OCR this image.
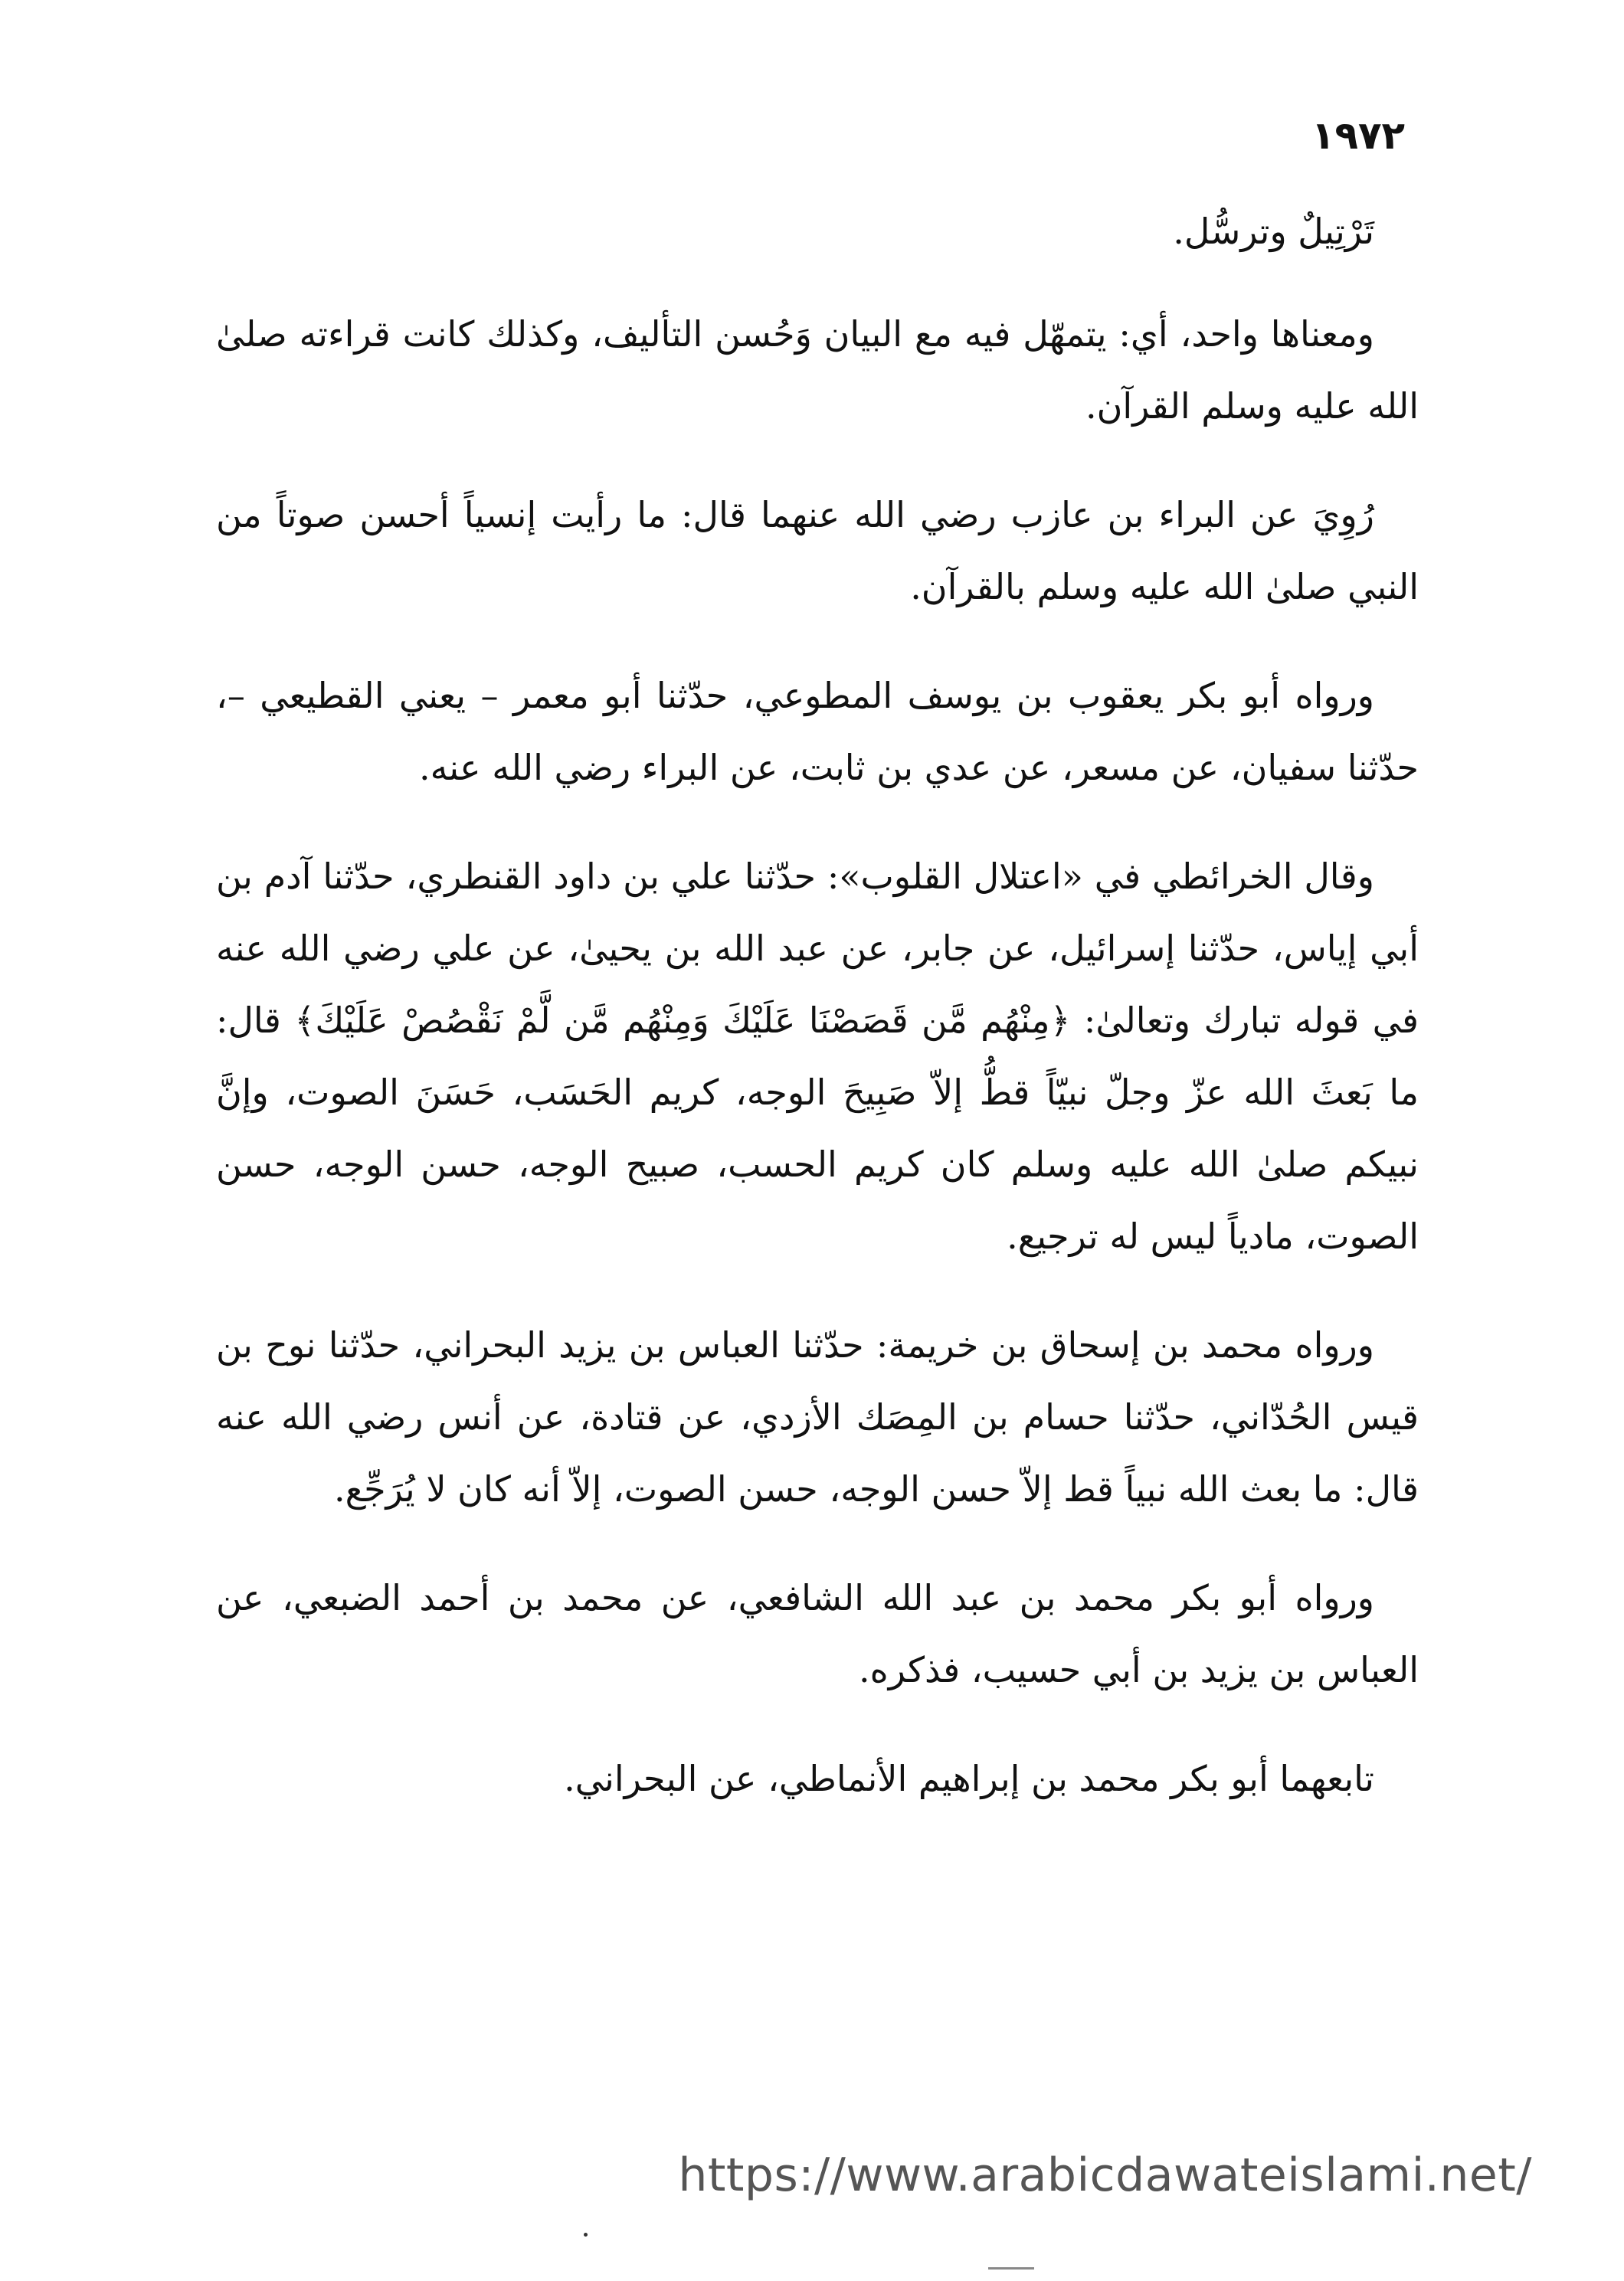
١٩٧٢

تَرْتِيلٌ وترسُّل.

ومعناها واحد، أي: يتمهّل فيه مع البيان وَحُسن التأليف، وكذلك كانت قراءته صلىٰ الله عليه وسلم القرآن.

رُوِيَ عن البراء بن عازب رضي الله عنهما قال: ما رأيت إنسياً أحسن صوتاً من النبي صلىٰ الله عليه وسلم بالقرآن.

ورواه أبو بكر يعقوب بن يوسف المطوعي، حدّثنا أبو معمر – يعني القطيعي –، حدّثنا سفيان، عن مسعر، عن عدي بن ثابت، عن البراء رضي الله عنه.

وقال الخرائطي في «اعتلال القلوب»: حدّثنا علي بن داود القنطري، حدّثنا آدم بن أبي إياس، حدّثنا إسرائيل، عن جابر، عن عبد الله بن يحيىٰ، عن علي رضي الله عنه في قوله تبارك وتعالىٰ: ﴿مِنْهُم مَّن قَصَصْنَا عَلَيْكَ وَمِنْهُم مَّن لَّمْ نَقْصُصْ عَلَيْكَ﴾ قال: ما بَعثَ الله عزّ وجلّ نبيّاً قطُّ إلاّ صَبِيحَ الوجه، كريم الحَسَب، حَسَنَ الصوت، وإنَّ نبيكم صلىٰ الله عليه وسلم كان كريم الحسب، صبيح الوجه، حسن الوجه، حسن الصوت، مادياً ليس له ترجيع.

ورواه محمد بن إسحاق بن خريمة: حدّثنا العباس بن يزيد البحراني، حدّثنا نوح بن قيس الحُدّاني، حدّثنا حسام بن المِصَك الأزدي، عن قتادة، عن أنس رضي الله عنه قال: ما بعث الله نبياً قط إلاّ حسن الوجه، حسن الصوت، إلاّ أنه كان لا يُرَجِّع.

ورواه أبو بكر محمد بن عبد الله الشافعي، عن محمد بن أحمد الضبعي، عن العباس بن يزيد بن أبي حسيب، فذكره.

تابعهما أبو بكر محمد بن إبراهيم الأنماطي، عن البحراني.

https://www.arabicdawateislami.net/
